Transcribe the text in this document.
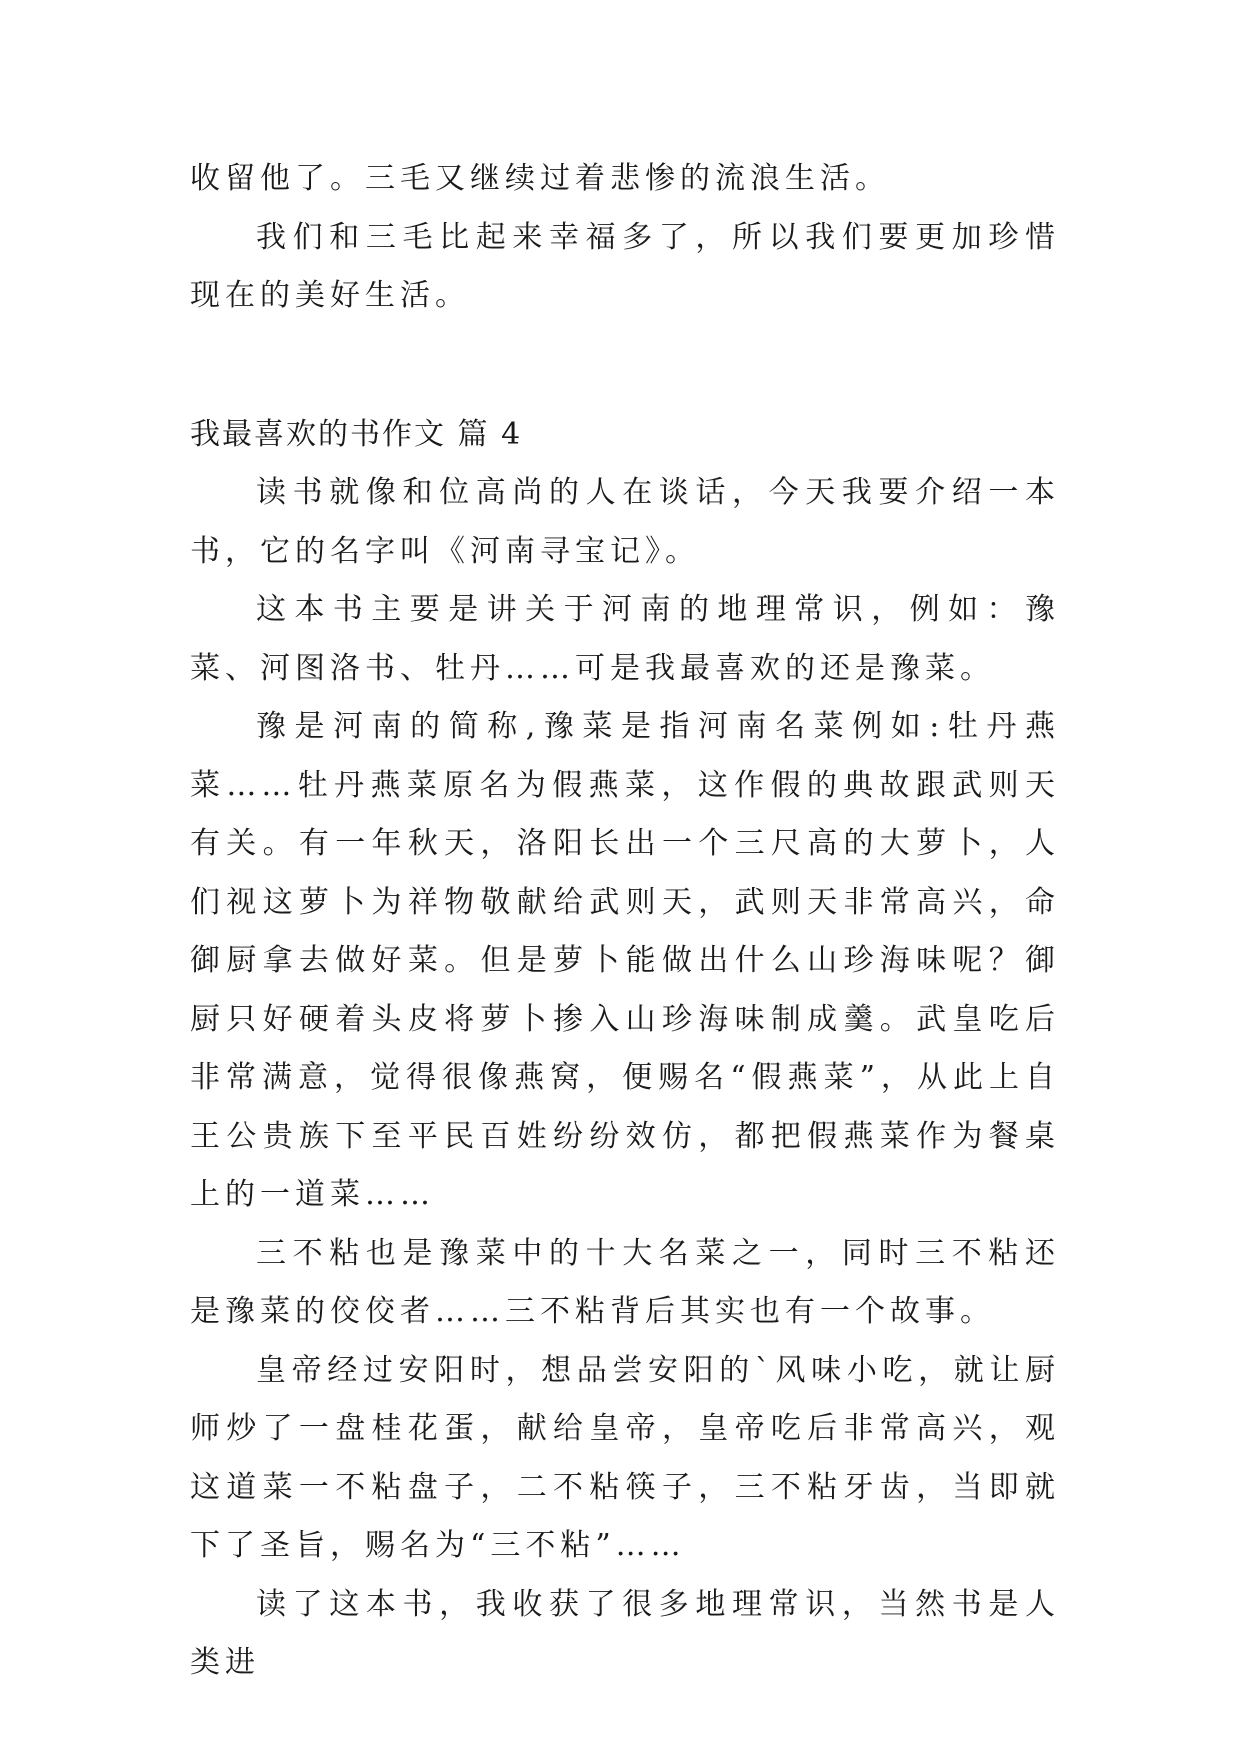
收留他了。三毛又继续过着悲惨的流浪生活。

我们和三毛比起来幸福多了，所以我们要更加珍惜现在的美好生活。

我最喜欢的书作文 篇 4

读书就像和位高尚的人在谈话，今天我要介绍一本书，它的名字叫《河南寻宝记》。

这本书主要是讲关于河南的地理常识，例如：豫菜、河图洛书、牡丹……可是我最喜欢的还是豫菜。

豫是河南的简称,豫菜是指河南名菜例如:牡丹燕菜……牡丹燕菜原名为假燕菜，这作假的典故跟武则天有关。有一年秋天，洛阳长出一个三尺高的大萝卜，人们视这萝卜为祥物敬献给武则天，武则天非常高兴，命御厨拿去做好菜。但是萝卜能做出什么山珍海味呢？御厨只好硬着头皮将萝卜掺入山珍海味制成羹。武皇吃后非常满意，觉得很像燕窝，便赐名“假燕菜”，从此上自王公贵族下至平民百姓纷纷效仿，都把假燕菜作为餐桌上的一道菜……

三不粘也是豫菜中的十大名菜之一，同时三不粘还是豫菜的佼佼者……三不粘背后其实也有一个故事。

皇帝经过安阳时，想品尝安阳的`风味小吃，就让厨师炒了一盘桂花蛋，献给皇帝，皇帝吃后非常高兴，观这道菜一不粘盘子，二不粘筷子，三不粘牙齿，当即就下了圣旨，赐名为“三不粘”……

读了这本书，我收获了很多地理常识，当然书是人类进
